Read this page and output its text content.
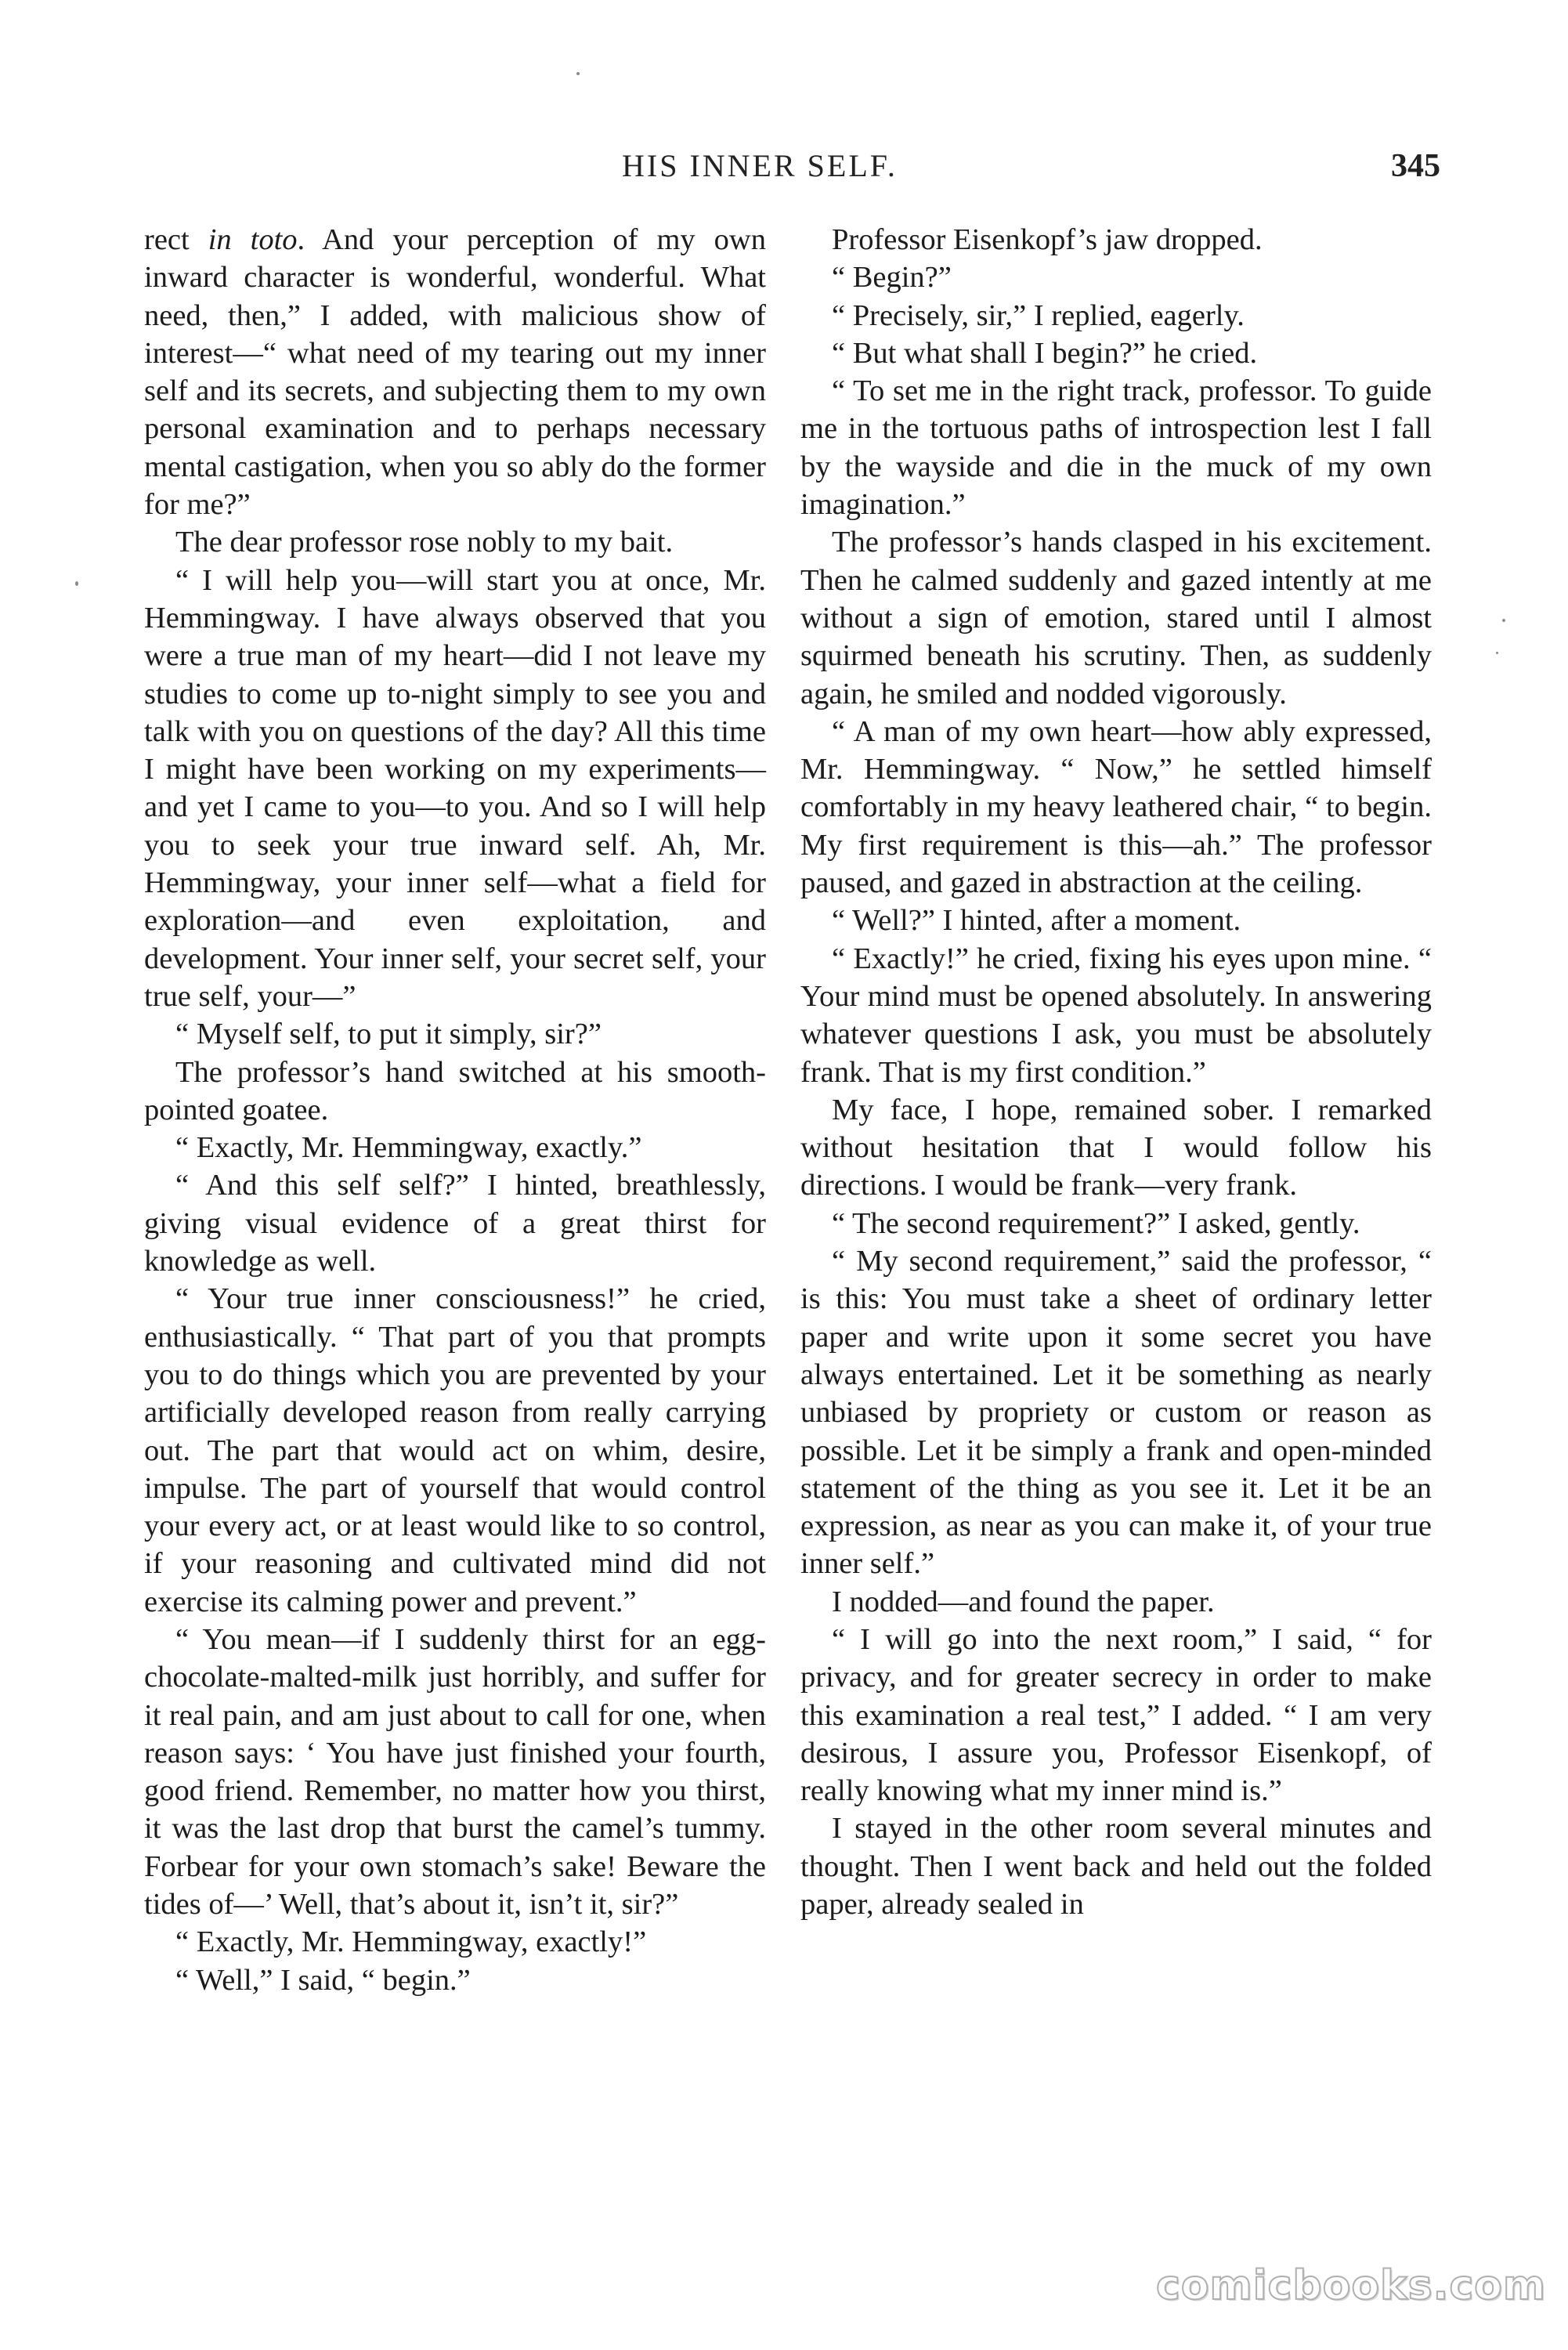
HIS INNER SELF.	345

rect in toto. And your perception of my own inward character is wonderful, wonderful. What need, then,” I added, with malicious show of interest—“ what need of my tearing out my inner self and its secrets, and subjecting them to my own personal examination and to perhaps necessary mental castigation, when you so ably do the former for me?”

The dear professor rose nobly to my bait.

“ I will help you—will start you at once, Mr. Hemmingway. I have always observed that you were a true man of my heart—did I not leave my studies to come up to-night simply to see you and talk with you on questions of the day? All this time I might have been working on my experiments—and yet I came to you—to you. And so I will help you to seek your true inward self. Ah, Mr. Hemmingway, your inner self—what a field for exploration—and even exploitation, and development. Your inner self, your secret self, your true self, your—”

“ Myself self, to put it simply, sir?”

The professor’s hand switched at his smooth-pointed goatee.

“ Exactly, Mr. Hemmingway, exactly.”

“ And this self self?” I hinted, breathlessly, giving visual evidence of a great thirst for knowledge as well.

“ Your true inner consciousness!” he cried, enthusiastically. “ That part of you that prompts you to do things which you are prevented by your artificially developed reason from really carrying out. The part that would act on whim, desire, impulse. The part of yourself that would control your every act, or at least would like to so control, if your reasoning and cultivated mind did not exercise its calming power and prevent.”

“ You mean—if I suddenly thirst for an egg-chocolate-malted-milk just horribly, and suffer for it real pain, and am just about to call for one, when reason says: ‘ You have just finished your fourth, good friend. Remember, no matter how you thirst, it was the last drop that burst the camel’s tummy. Forbear for your own stomach’s sake! Beware the tides of—’ Well, that’s about it, isn’t it, sir?”

“ Exactly, Mr. Hemmingway, exactly!”

“ Well,” I said, “ begin.”

Professor Eisenkopf’s jaw dropped.

“ Begin?”

“ Precisely, sir,” I replied, eagerly.

“ But what shall I begin?” he cried.

“ To set me in the right track, professor. To guide me in the tortuous paths of introspection lest I fall by the wayside and die in the muck of my own imagination.”

The professor’s hands clasped in his excitement. Then he calmed suddenly and gazed intently at me without a sign of emotion, stared until I almost squirmed beneath his scrutiny. Then, as suddenly again, he smiled and nodded vigorously.

“ A man of my own heart—how ably expressed, Mr. Hemmingway. “ Now,” he settled himself comfortably in my heavy leathered chair, “ to begin. My first requirement is this—ah.” The professor paused, and gazed in abstraction at the ceiling.

“ Well?” I hinted, after a moment.

“ Exactly!” he cried, fixing his eyes upon mine. “ Your mind must be opened absolutely. In answering whatever questions I ask, you must be absolutely frank. That is my first condition.”

My face, I hope, remained sober. I remarked without hesitation that I would follow his directions. I would be frank—very frank.

“ The second requirement?” I asked, gently.

“ My second requirement,” said the professor, “ is this: You must take a sheet of ordinary letter paper and write upon it some secret you have always entertained. Let it be something as nearly unbiased by propriety or custom or reason as possible. Let it be simply a frank and open-minded statement of the thing as you see it. Let it be an expression, as near as you can make it, of your true inner self.”

I nodded—and found the paper.

“ I will go into the next room,” I said, “ for privacy, and for greater secrecy in order to make this examination a real test,” I added. “ I am very desirous, I assure you, Professor Eisenkopf, of really knowing what my inner mind is.”

I stayed in the other room several minutes and thought. Then I went back and held out the folded paper, already sealed in

comicbooks.com
